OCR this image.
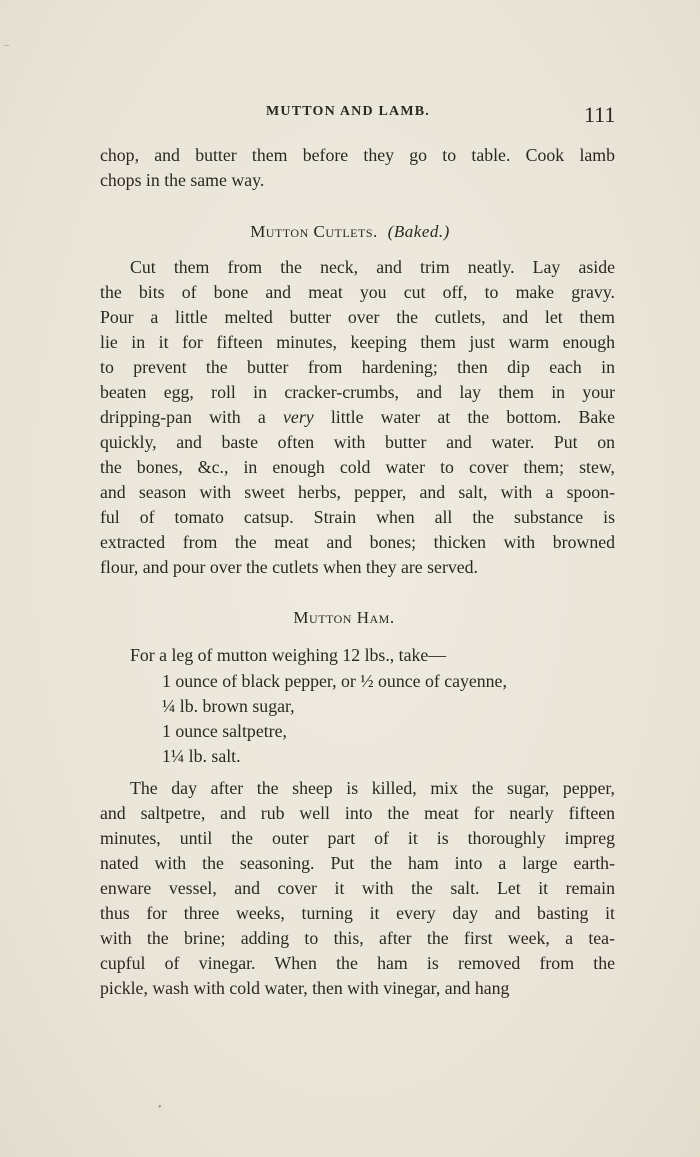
MUTTON AND LAMB.	111
chop, and butter them before they go to table. Cook lamb
chops in the same way.
Mutton Cutlets. (Baked.)
Cut them from the neck, and trim neatly. Lay aside
the bits of bone and meat you cut off, to make gravy.
Pour a little melted butter over the cutlets, and let them
lie in it for fifteen minutes, keeping them just warm enough
to prevent the butter from hardening; then dip each in
beaten egg, roll in cracker-crumbs, and lay them in your
dripping-pan with a very little water at the bottom. Bake
quickly, and baste often with butter and water. Put on
the bones, &c., in enough cold water to cover them; stew,
and season with sweet herbs, pepper, and salt, with a spoon-
ful of tomato catsup. Strain when all the substance is
extracted from the meat and bones; thicken with browned
flour, and pour over the cutlets when they are served.
Mutton Ham.
For a leg of mutton weighing 12 lbs., take—
1 ounce of black pepper, or ½ ounce of cayenne,
¼ lb. brown sugar,
1 ounce saltpetre,
1¼ lb. salt.
The day after the sheep is killed, mix the sugar, pepper,
and saltpetre, and rub well into the meat for nearly fifteen
minutes, until the outer part of it is thoroughly impreg
nated with the seasoning. Put the ham into a large earth-
enware vessel, and cover it with the salt. Let it remain
thus for three weeks, turning it every day and basting it
with the brine; adding to this, after the first week, a tea-
cupful of vinegar. When the ham is removed from the
pickle, wash with cold water, then with vinegar, and hang
•
–
